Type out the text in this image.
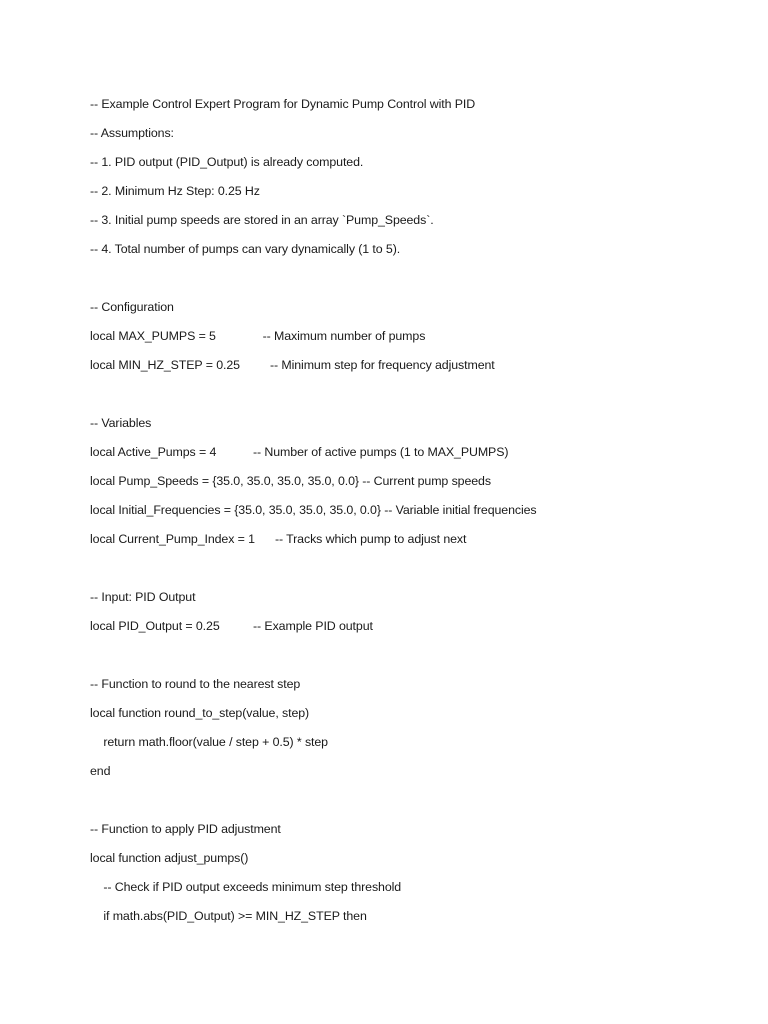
-- Example Control Expert Program for Dynamic Pump Control with PID
-- Assumptions:
-- 1. PID output (PID_Output) is already computed.
-- 2. Minimum Hz Step: 0.25 Hz
-- 3. Initial pump speeds are stored in an array `Pump_Speeds`.
-- 4. Total number of pumps can vary dynamically (1 to 5).
-- Configuration
local MAX_PUMPS = 5              -- Maximum number of pumps
local MIN_HZ_STEP = 0.25         -- Minimum step for frequency adjustment
-- Variables
local Active_Pumps = 4           -- Number of active pumps (1 to MAX_PUMPS)
local Pump_Speeds = {35.0, 35.0, 35.0, 35.0, 0.0} -- Current pump speeds
local Initial_Frequencies = {35.0, 35.0, 35.0, 35.0, 0.0} -- Variable initial frequencies
local Current_Pump_Index = 1      -- Tracks which pump to adjust next
-- Input: PID Output
local PID_Output = 0.25          -- Example PID output
-- Function to round to the nearest step
local function round_to_step(value, step)
return math.floor(value / step + 0.5) * step
end
-- Function to apply PID adjustment
local function adjust_pumps()
-- Check if PID output exceeds minimum step threshold
if math.abs(PID_Output) >= MIN_HZ_STEP then
